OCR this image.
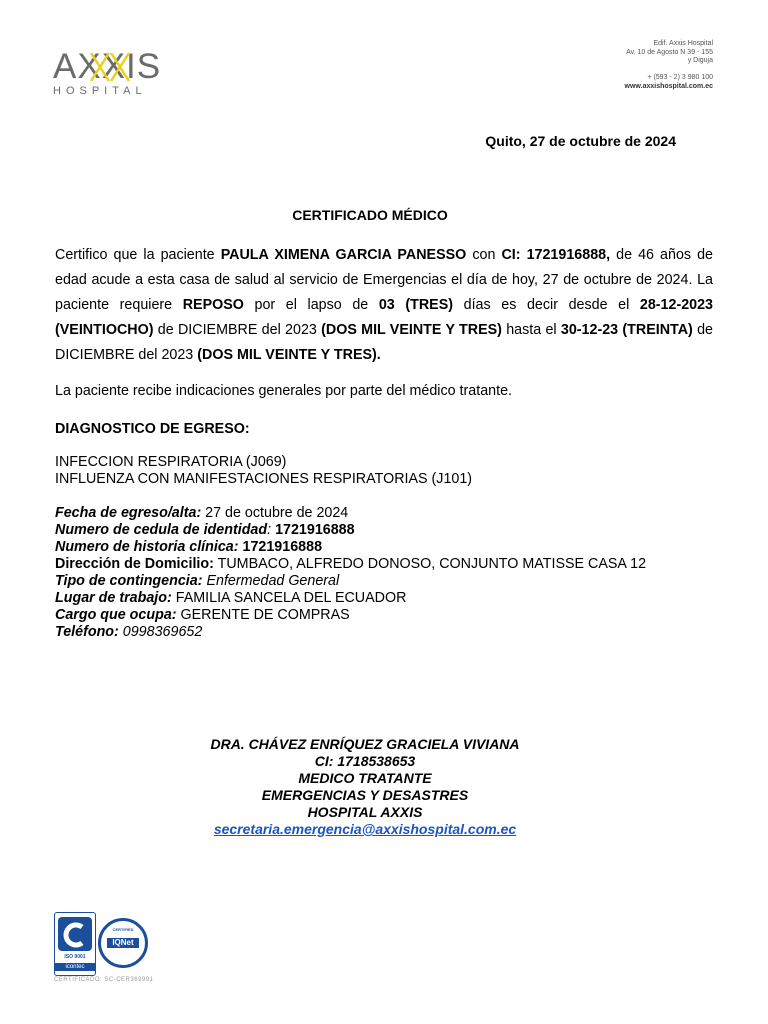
AXXIS
HOSPITAL
Edif. Axxis Hospital
Av. 10 de Agosto N 39 - 155
y Diguja
+ (593 - 2) 3 980 100
www.axxishospital.com.ec
Quito, 27 de octubre de 2024
CERTIFICADO MÉDICO
Certifico que la paciente PAULA XIMENA GARCIA PANESSO con CI: 1721916888, de 46 años de edad acude a esta casa de salud al servicio de Emergencias el día de hoy, 27 de octubre de 2024. La paciente requiere REPOSO por el lapso de 03 (TRES) días es decir desde el 28-12-2023 (VEINTIOCHO) de DICIEMBRE del 2023 (DOS MIL VEINTE Y TRES) hasta el 30-12-23 (TREINTA) de DICIEMBRE del 2023 (DOS MIL VEINTE Y TRES).
La paciente recibe indicaciones generales por parte del médico tratante.
DIAGNOSTICO DE EGRESO:
INFECCION RESPIRATORIA (J069)
INFLUENZA CON MANIFESTACIONES RESPIRATORIAS (J101)
Fecha de egreso/alta: 27 de octubre de 2024
Numero de cedula de identidad: 1721916888
Numero de historia clínica: 1721916888
Dirección de Domicilio: TUMBACO, ALFREDO DONOSO, CONJUNTO MATISSE CASA 12
Tipo de contingencia: Enfermedad General
Lugar de trabajo: FAMILIA SANCELA DEL ECUADOR
Cargo que ocupa: GERENTE DE COMPRAS
Teléfono: 0998369652
DRA. CHÁVEZ ENRÍQUEZ GRACIELA VIVIANA
CI: 1718538653
MEDICO TRATANTE
EMERGENCIAS Y DESASTRES
HOSPITAL AXXIS
secretaria.emergencia@axxishospital.com.ec
ISO 9001
icontec
CERTIFIED
IQNet
CERTIFICADO: SC-CER369991
